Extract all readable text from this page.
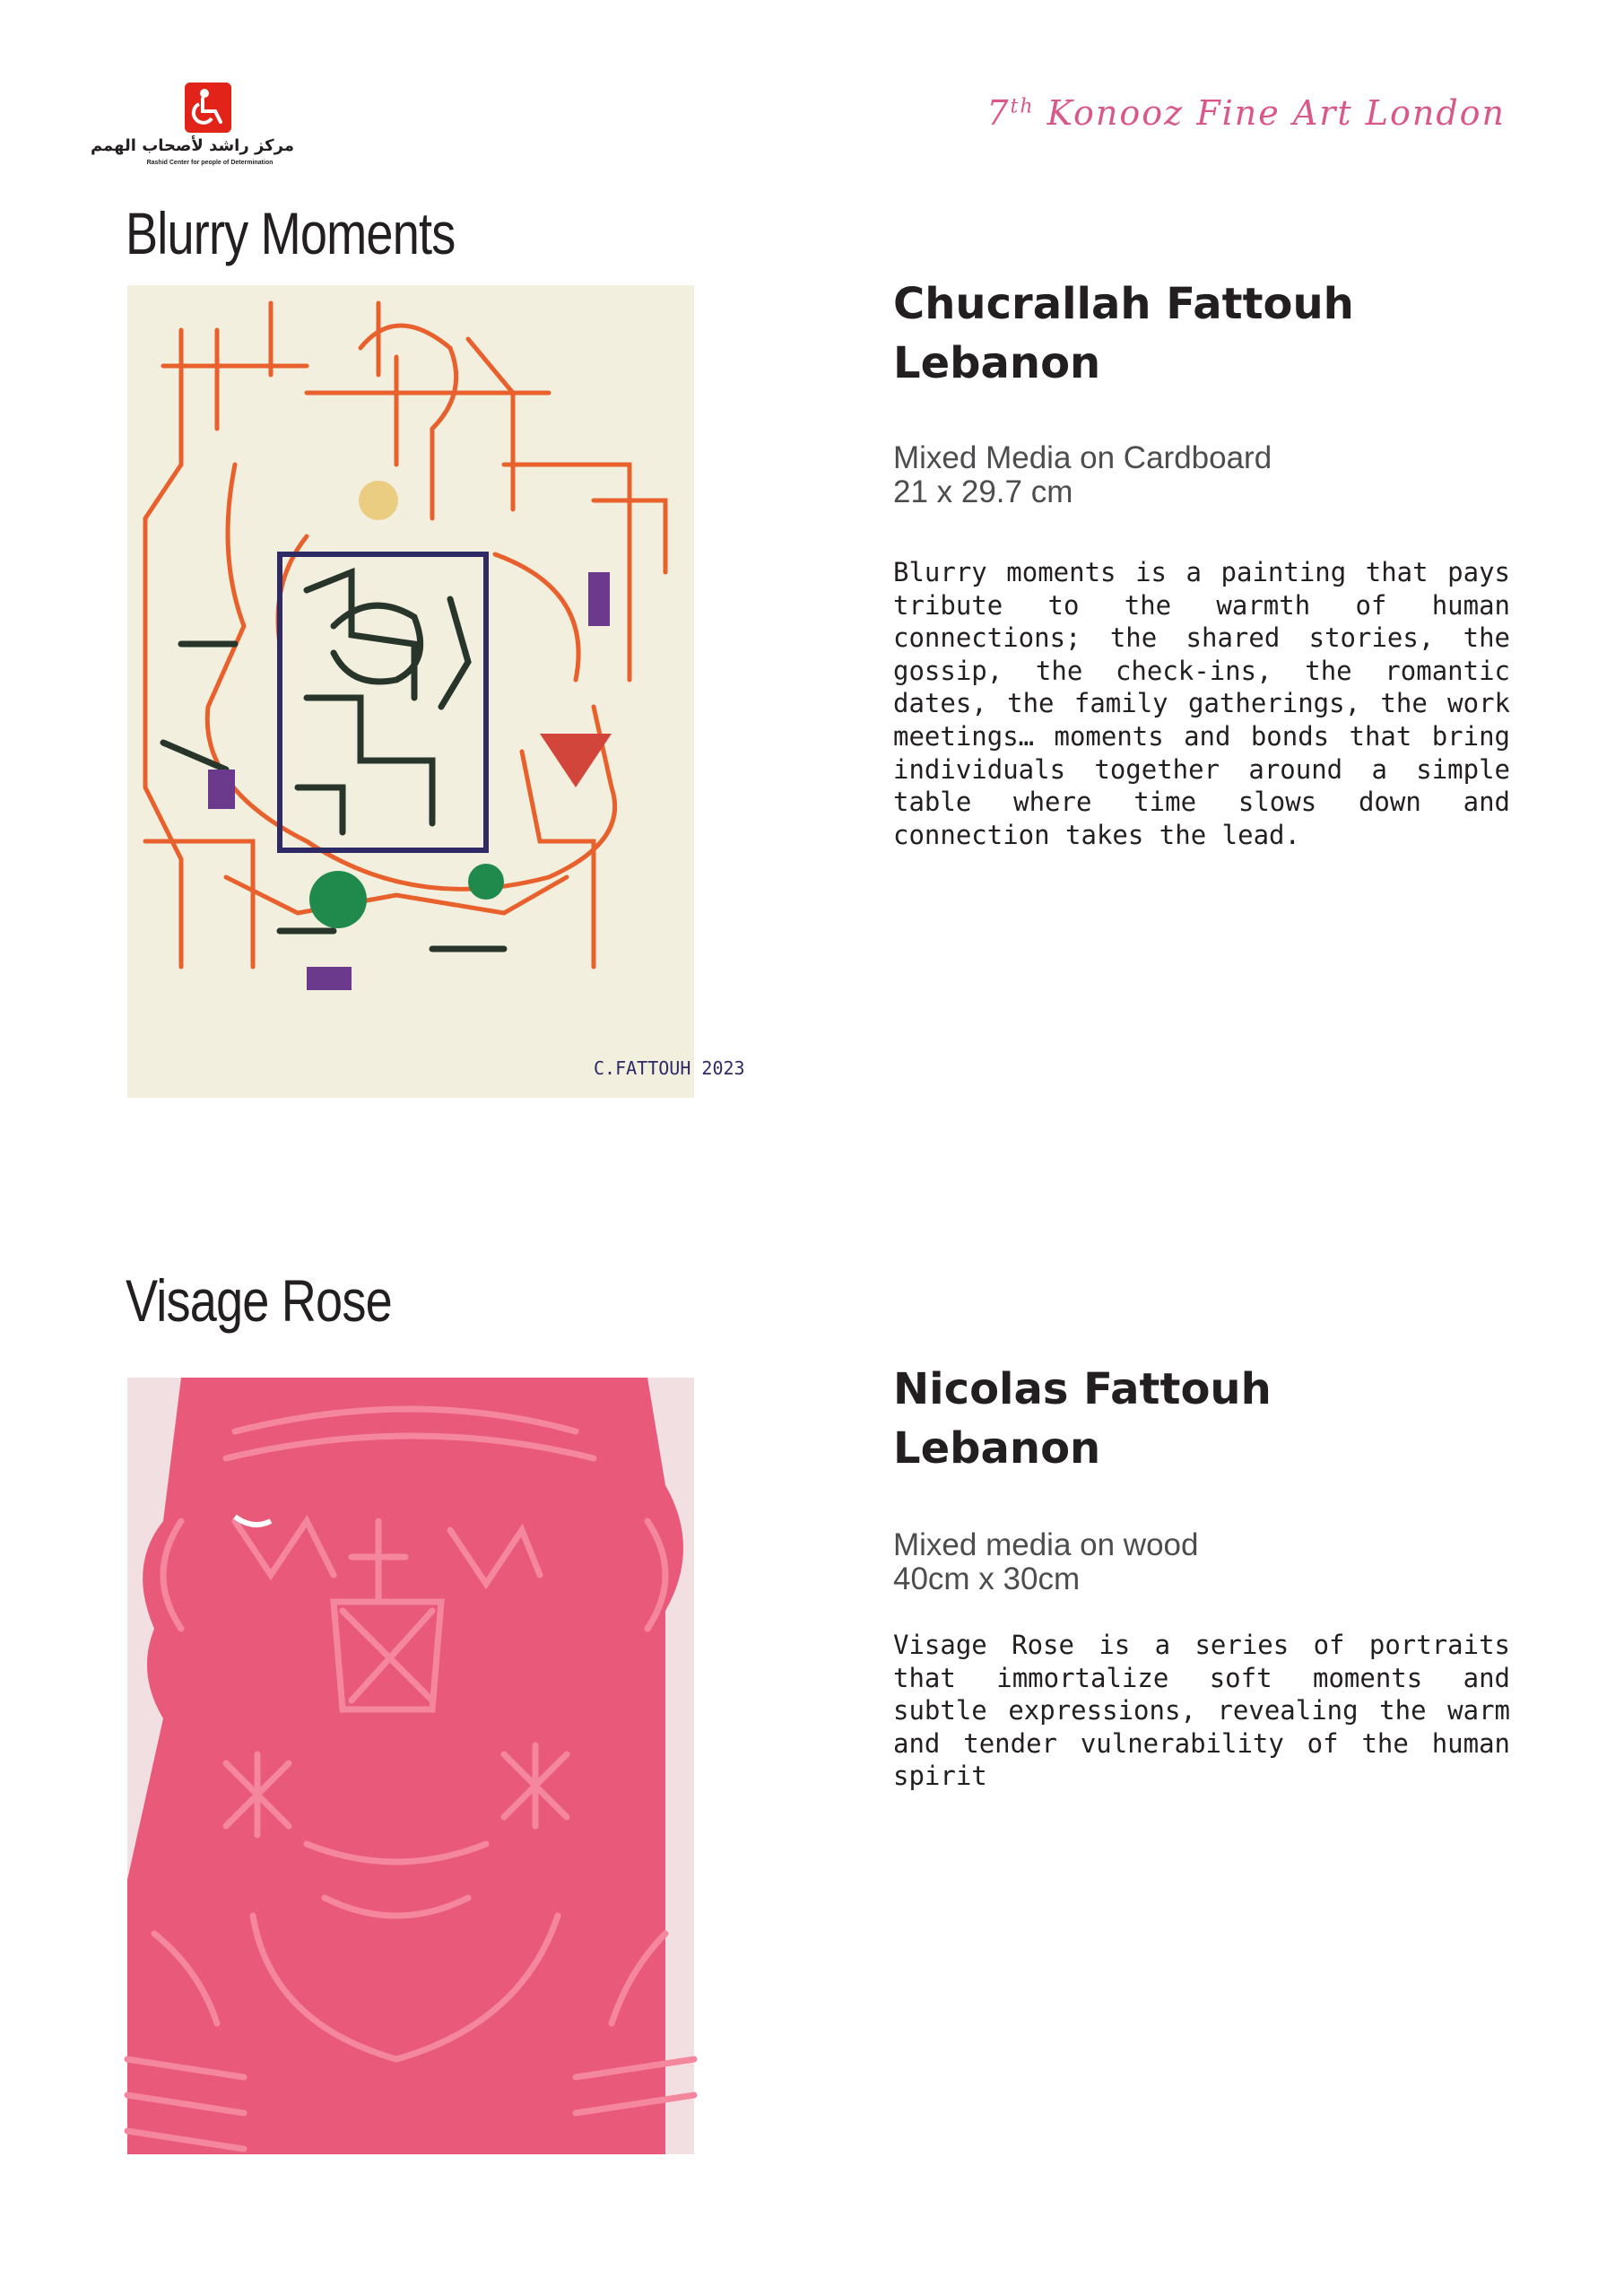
مركز راشد لأصحاب الهمم
Rashid Center for people of Determination
7th Konooz Fine Art London
Blurry Moments
C.FATTOUH 2023
Chucrallah Fattouh
Lebanon
Mixed Media on Cardboard
21 x 29.7 cm

Blurry moments is a painting that pays tribute to the warmth of human connections; the shared stories, the gossip, the check-ins, the romantic dates, the family gatherings, the work meetings… moments and bonds that bring individuals together around a simple table where time slows down and connection takes the lead.

Visage Rose
Nicolas Fattouh
Lebanon
Mixed media on wood
40cm x 30cm

Visage Rose is a series of portraits that immortalize soft moments and subtle expressions, revealing the warm and tender vulnerability of the human spirit
